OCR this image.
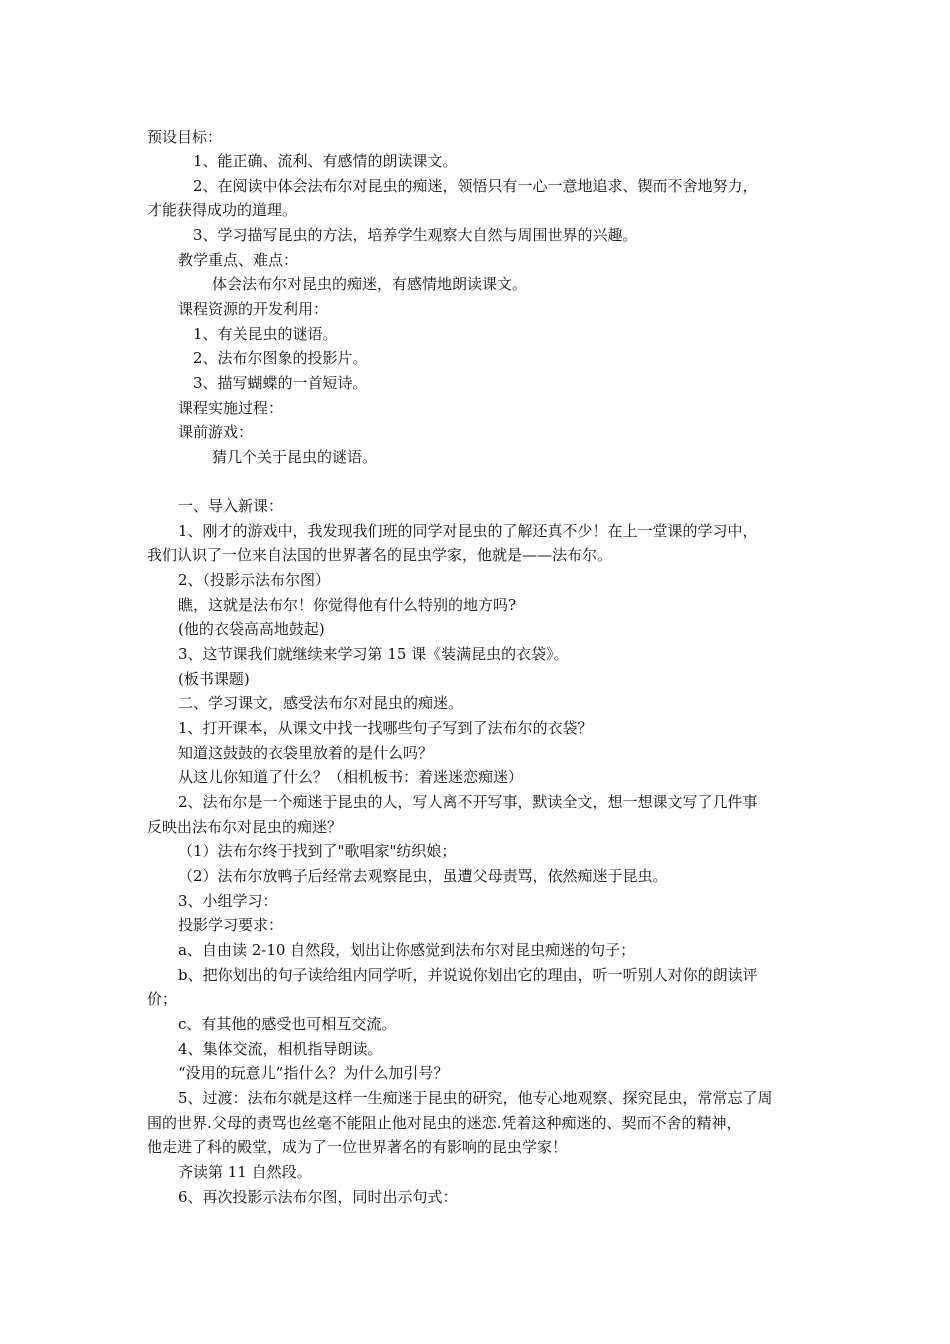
预设目标：
1、能正确、流利、有感情的朗读课文。
2、在阅读中体会法布尔对昆虫的痴迷，领悟只有一心一意地追求、锲而不舍地努力，
才能获得成功的道理。
3、学习描写昆虫的方法，培养学生观察大自然与周围世界的兴趣。
教学重点、难点：
体会法布尔对昆虫的痴迷，有感情地朗读课文。
课程资源的开发利用：
1、有关昆虫的谜语。
2、法布尔图象的投影片。
3、描写蝴蝶的一首短诗。
课程实施过程：
课前游戏：
猜几个关于昆虫的谜语。
一、导入新课：
1、刚才的游戏中，我发现我们班的同学对昆虫的了解还真不少！在上一堂课的学习中，
我们认识了一位来自法国的世界著名的昆虫学家，他就是——法布尔。
2、（投影示法布尔图）
瞧，这就是法布尔！你觉得他有什么特别的地方吗?
(他的衣袋高高地鼓起)
3、这节课我们就继续来学习第 15 课《装满昆虫的衣袋》。
(板书课题)
二、学习课文，感受法布尔对昆虫的痴迷。
1、打开课本，从课文中找一找哪些句子写到了法布尔的衣袋？
知道这鼓鼓的衣袋里放着的是什么吗？
从这儿你知道了什么？（相机板书：着迷迷恋痴迷）
2、法布尔是一个痴迷于昆虫的人，写人离不开写事，默读全文，想一想课文写了几件事
反映出法布尔对昆虫的痴迷？
（1）法布尔终于找到了"歌唱家"纺织娘；
（2）法布尔放鸭子后经常去观察昆虫，虽遭父母责骂，依然痴迷于昆虫。
3、小组学习：
投影学习要求：
a、自由读 2-10 自然段，划出让你感觉到法布尔对昆虫痴迷的句子；
b、把你划出的句子读给组内同学听，并说说你划出它的理由，听一听别人对你的朗读评
价；
c、有其他的感受也可相互交流。
4、集体交流，相机指导朗读。
“没用的玩意儿”指什么？为什么加引号？
5、过渡：法布尔就是这样一生痴迷于昆虫的研究，他专心地观察、探究昆虫，常常忘了周
围的世界.父母的责骂也丝毫不能阻止他对昆虫的迷恋.凭着这种痴迷的、契而不舍的精神，
他走进了科的殿堂，成为了一位世界著名的有影响的昆虫学家！
齐读第 11 自然段。
6、再次投影示法布尔图，同时出示句式：
